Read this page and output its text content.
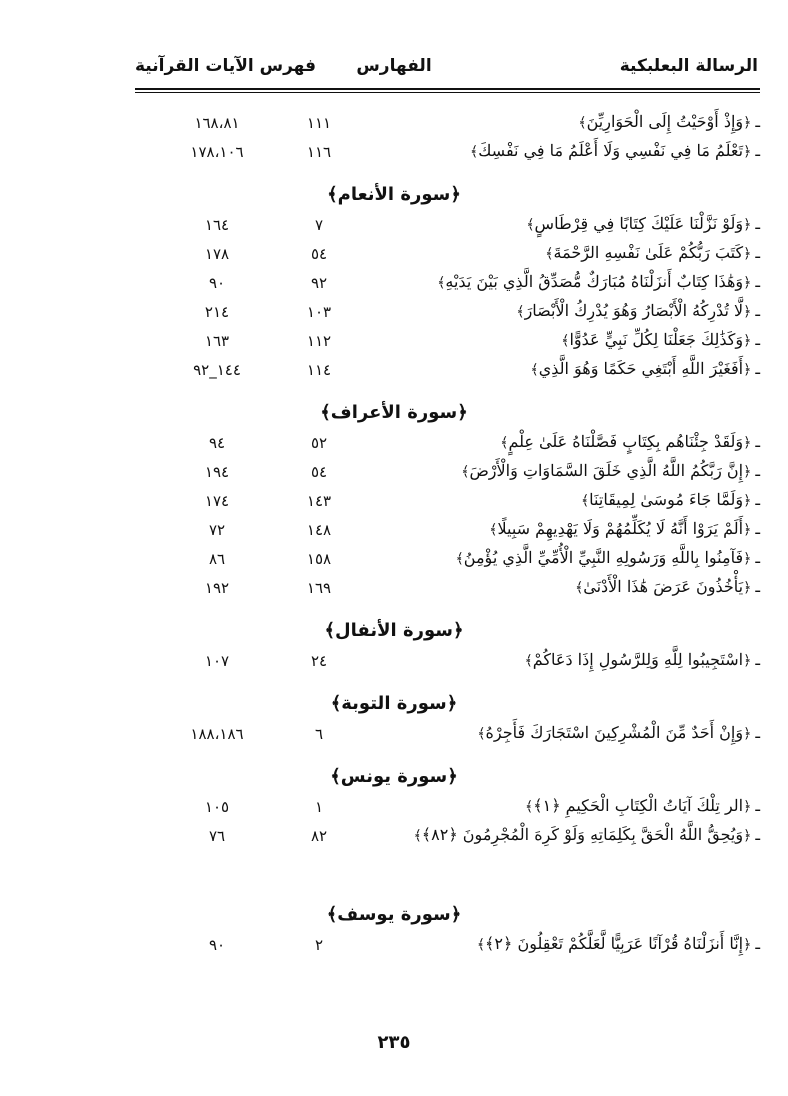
الرسالة البعلبكية
الفهارس
فهرس الآيات القرآنية
ـ﴿وَإِذْ أَوْحَيْتُ إِلَى الْحَوَارِيِّنَ﴾
١١١
١٦٨،٨١
ـ﴿تَعْلَمُ مَا فِي نَفْسِي وَلَا أَعْلَمُ مَا فِي نَفْسِكَ﴾
١١٦
١٧٨،١٠٦
﴿سورة الأنعام﴾
ـ﴿وَلَوْ نَزَّلْنَا عَلَيْكَ كِتَابًا فِي قِرْطَاسٍ﴾
٧
١٦٤
ـ﴿كَتَبَ رَبُّكُمْ عَلَىٰ نَفْسِهِ الرَّحْمَةَ﴾
٥٤
١٧٨
ـ﴿وَهَٰذَا كِتَابٌ أَنزَلْنَاهُ مُبَارَكٌ مُّصَدِّقُ الَّذِي بَيْنَ يَدَيْهِ﴾
٩٢
٩٠
ـ﴿لَّا تُدْرِكُهُ الْأَبْصَارُ وَهُوَ يُدْرِكُ الْأَبْصَارَ﴾
١٠٣
٢١٤
ـ﴿وَكَذَٰلِكَ جَعَلْنَا لِكُلِّ نَبِيٍّ عَدُوًّا﴾
١١٢
١٦٣
ـ﴿أَفَغَيْرَ اللَّهِ أَبْتَغِي حَكَمًا وَهُوَ الَّذِي﴾
١١٤
١٤٤_٩٢
﴿سورة الأعراف﴾
ـ﴿وَلَقَدْ جِئْنَاهُم بِكِتَابٍ فَصَّلْنَاهُ عَلَىٰ عِلْمٍ﴾
٥٢
٩٤
ـ﴿إِنَّ رَبَّكُمُ اللَّهُ الَّذِي خَلَقَ السَّمَاوَاتِ وَالْأَرْضَ﴾
٥٤
١٩٤
ـ﴿وَلَمَّا جَاءَ مُوسَىٰ لِمِيقَاتِنَا﴾
١٤٣
١٧٤
ـ﴿أَلَمْ يَرَوْا أَنَّهُ لَا يُكَلِّمُهُمْ وَلَا يَهْدِيهِمْ سَبِيلًا﴾
١٤٨
٧٢
ـ﴿فَآمِنُوا بِاللَّهِ وَرَسُولِهِ النَّبِيِّ الْأُمِّيِّ الَّذِي يُؤْمِنُ﴾
١٥٨
٨٦
ـ﴿يَأْخُذُونَ عَرَضَ هَٰذَا الْأَدْنَىٰ﴾
١٦٩
١٩٢
﴿سورة الأنفال﴾
ـ﴿اسْتَجِيبُوا لِلَّهِ وَلِلرَّسُولِ إِذَا دَعَاكُمْ﴾
٢٤
١٠٧
﴿سورة التوبة﴾
ـ﴿وَإِنْ أَحَدٌ مِّنَ الْمُشْرِكِينَ اسْتَجَارَكَ فَأَجِرْهُ﴾
٦
١٨٨،١٨٦
﴿سورة يونس﴾
ـ﴿الر تِلْكَ آيَاتُ الْكِتَابِ الْحَكِيمِ ﴿١﴾﴾
١
١٠٥
ـ﴿وَيُحِقُّ اللَّهُ الْحَقَّ بِكَلِمَاتِهِ وَلَوْ كَرِهَ الْمُجْرِمُونَ ﴿٨٢﴾﴾
٨٢
٧٦
﴿سورة يوسف﴾
ـ﴿إِنَّا أَنزَلْنَاهُ قُرْآنًا عَرَبِيًّا لَّعَلَّكُمْ تَعْقِلُونَ ﴿٢﴾﴾
٢
٩٠
٢٣٥
